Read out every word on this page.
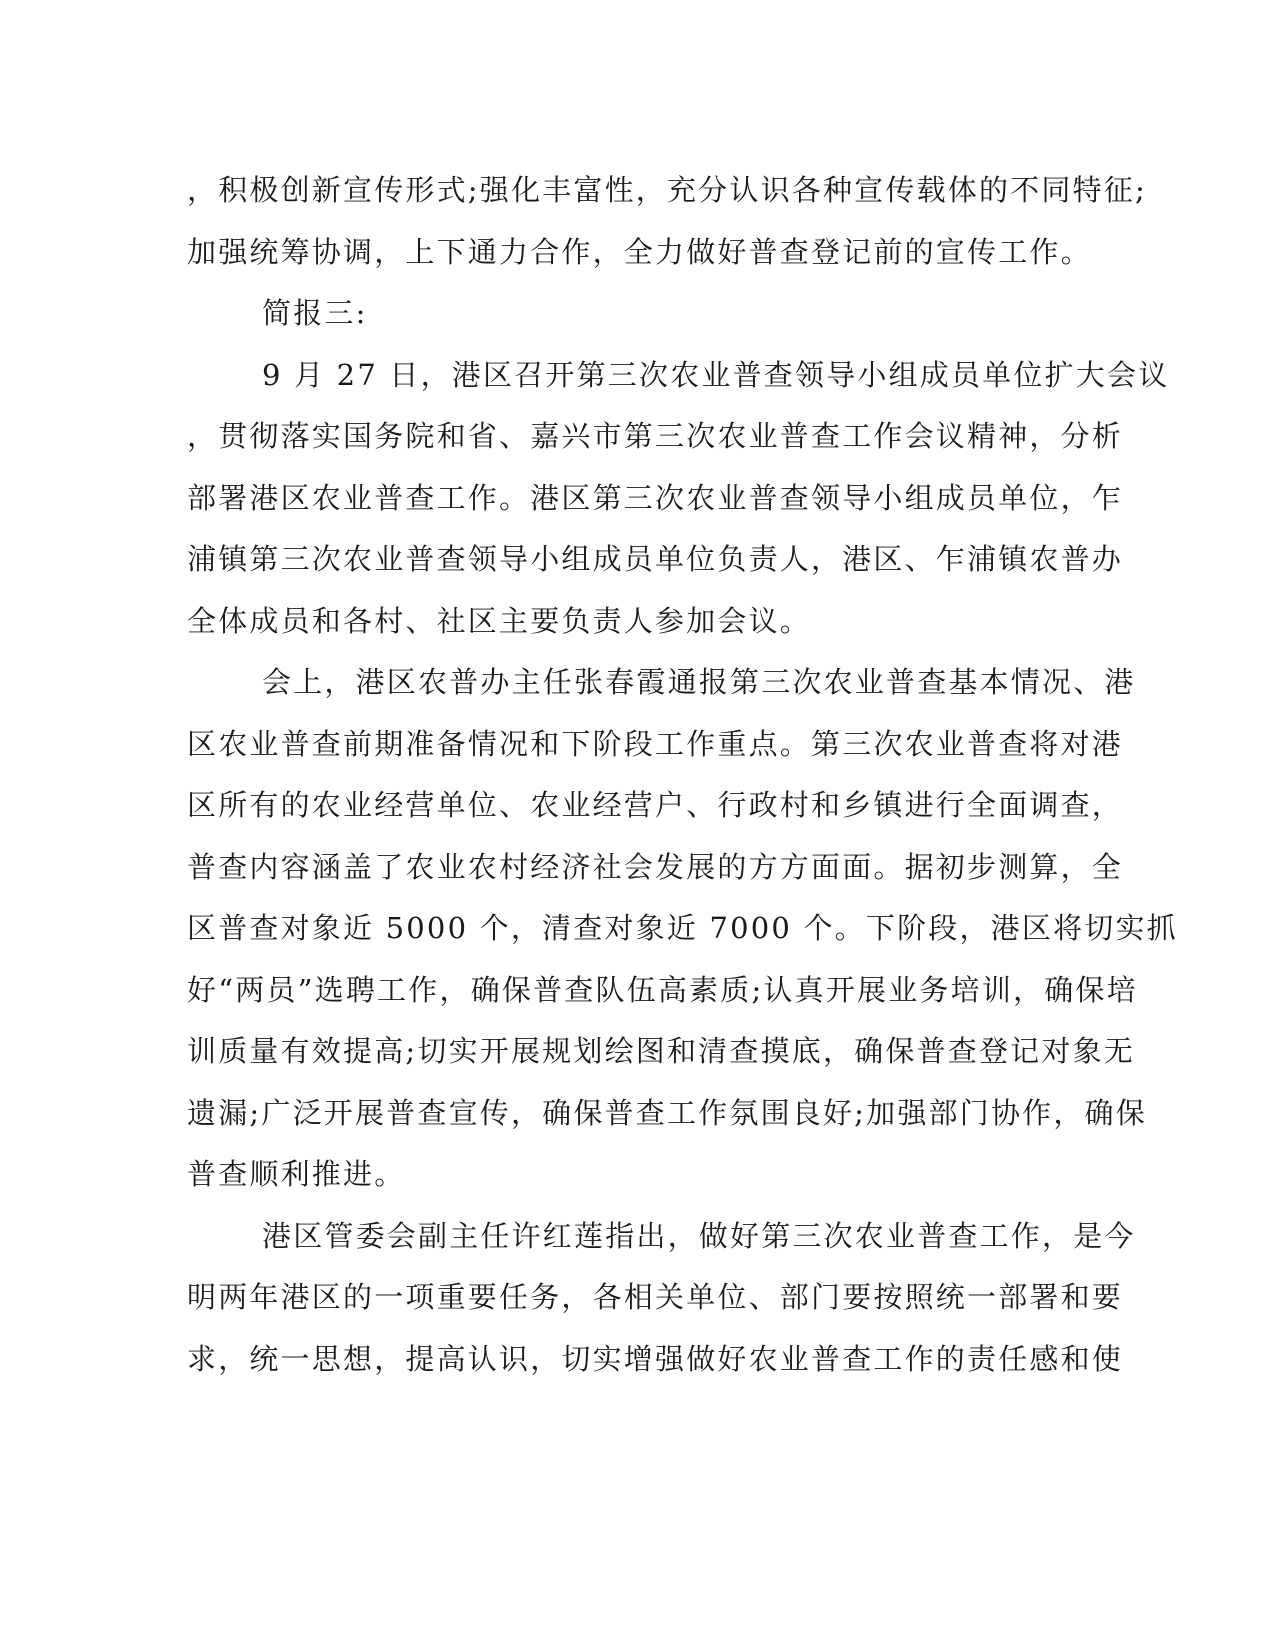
，积极创新宣传形式;强化丰富性，充分认识各种宣传载体的不同特征;
加强统筹协调，上下通力合作，全力做好普查登记前的宣传工作。
简报三:
9 月 27 日，港区召开第三次农业普查领导小组成员单位扩大会议
，贯彻落实国务院和省、嘉兴市第三次农业普查工作会议精神，分析
部署港区农业普查工作。港区第三次农业普查领导小组成员单位，乍
浦镇第三次农业普查领导小组成员单位负责人，港区、乍浦镇农普办
全体成员和各村、社区主要负责人参加会议。
会上，港区农普办主任张春霞通报第三次农业普查基本情况、港
区农业普查前期准备情况和下阶段工作重点。第三次农业普查将对港
区所有的农业经营单位、农业经营户、行政村和乡镇进行全面调查，
普查内容涵盖了农业农村经济社会发展的方方面面。据初步测算，全
区普查对象近 5000 个，清查对象近 7000 个。下阶段，港区将切实抓
好“两员”选聘工作，确保普查队伍高素质;认真开展业务培训，确保培
训质量有效提高;切实开展规划绘图和清查摸底，确保普查登记对象无
遗漏;广泛开展普查宣传，确保普查工作氛围良好;加强部门协作，确保
普查顺利推进。
港区管委会副主任许红莲指出，做好第三次农业普查工作，是今
明两年港区的一项重要任务，各相关单位、部门要按照统一部署和要
求，统一思想，提高认识，切实增强做好农业普查工作的责任感和使
